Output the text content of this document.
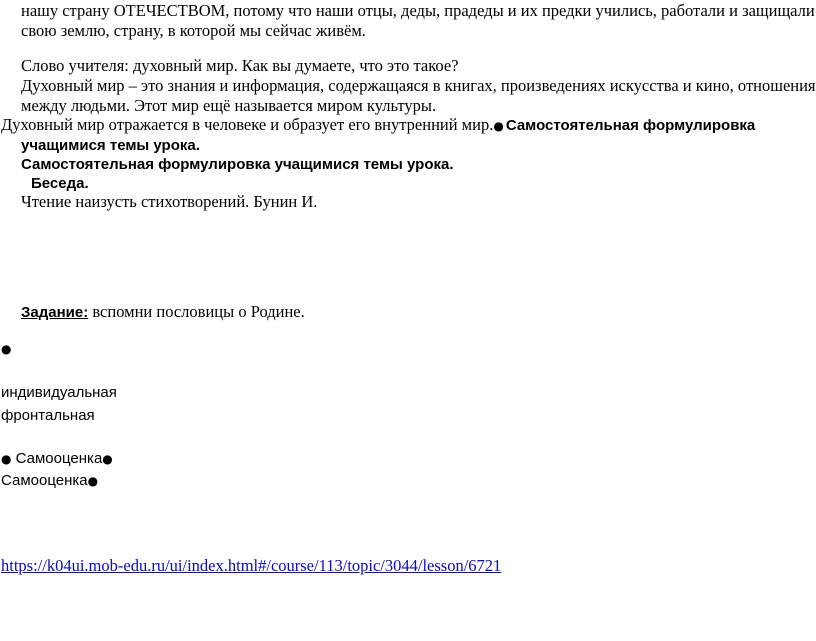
нашу страну ОТЕЧЕСТВОМ, потому что наши отцы, деды, прадеды и их предки учились, работали и защищали
свою землю, страну, в которой мы сейчас живём.
Слово учителя: духовный мир. Как вы думаете, что это такое?
Духовный мир – это знания и информация, содержащаяся в книгах, произведениях искусства и кино, отношения
между людьми. Этот мир ещё называется миром культуры.
Духовный мир отражается в человеке и образует его внутренний мир.● Самостоятельная формулировка
учащимися темы урока.
Самостоятельная формулировка учащимися темы урока.
Беседа.
Чтение наизусть стихотворений. Бунин И.
Задание: вспомни пословицы о Родине.
●
индивидуальная
фронтальная
● Самооценка●
Самооценка●
https://k04ui.mob-edu.ru/ui/index.html#/course/113/topic/3044/lesson/6721
